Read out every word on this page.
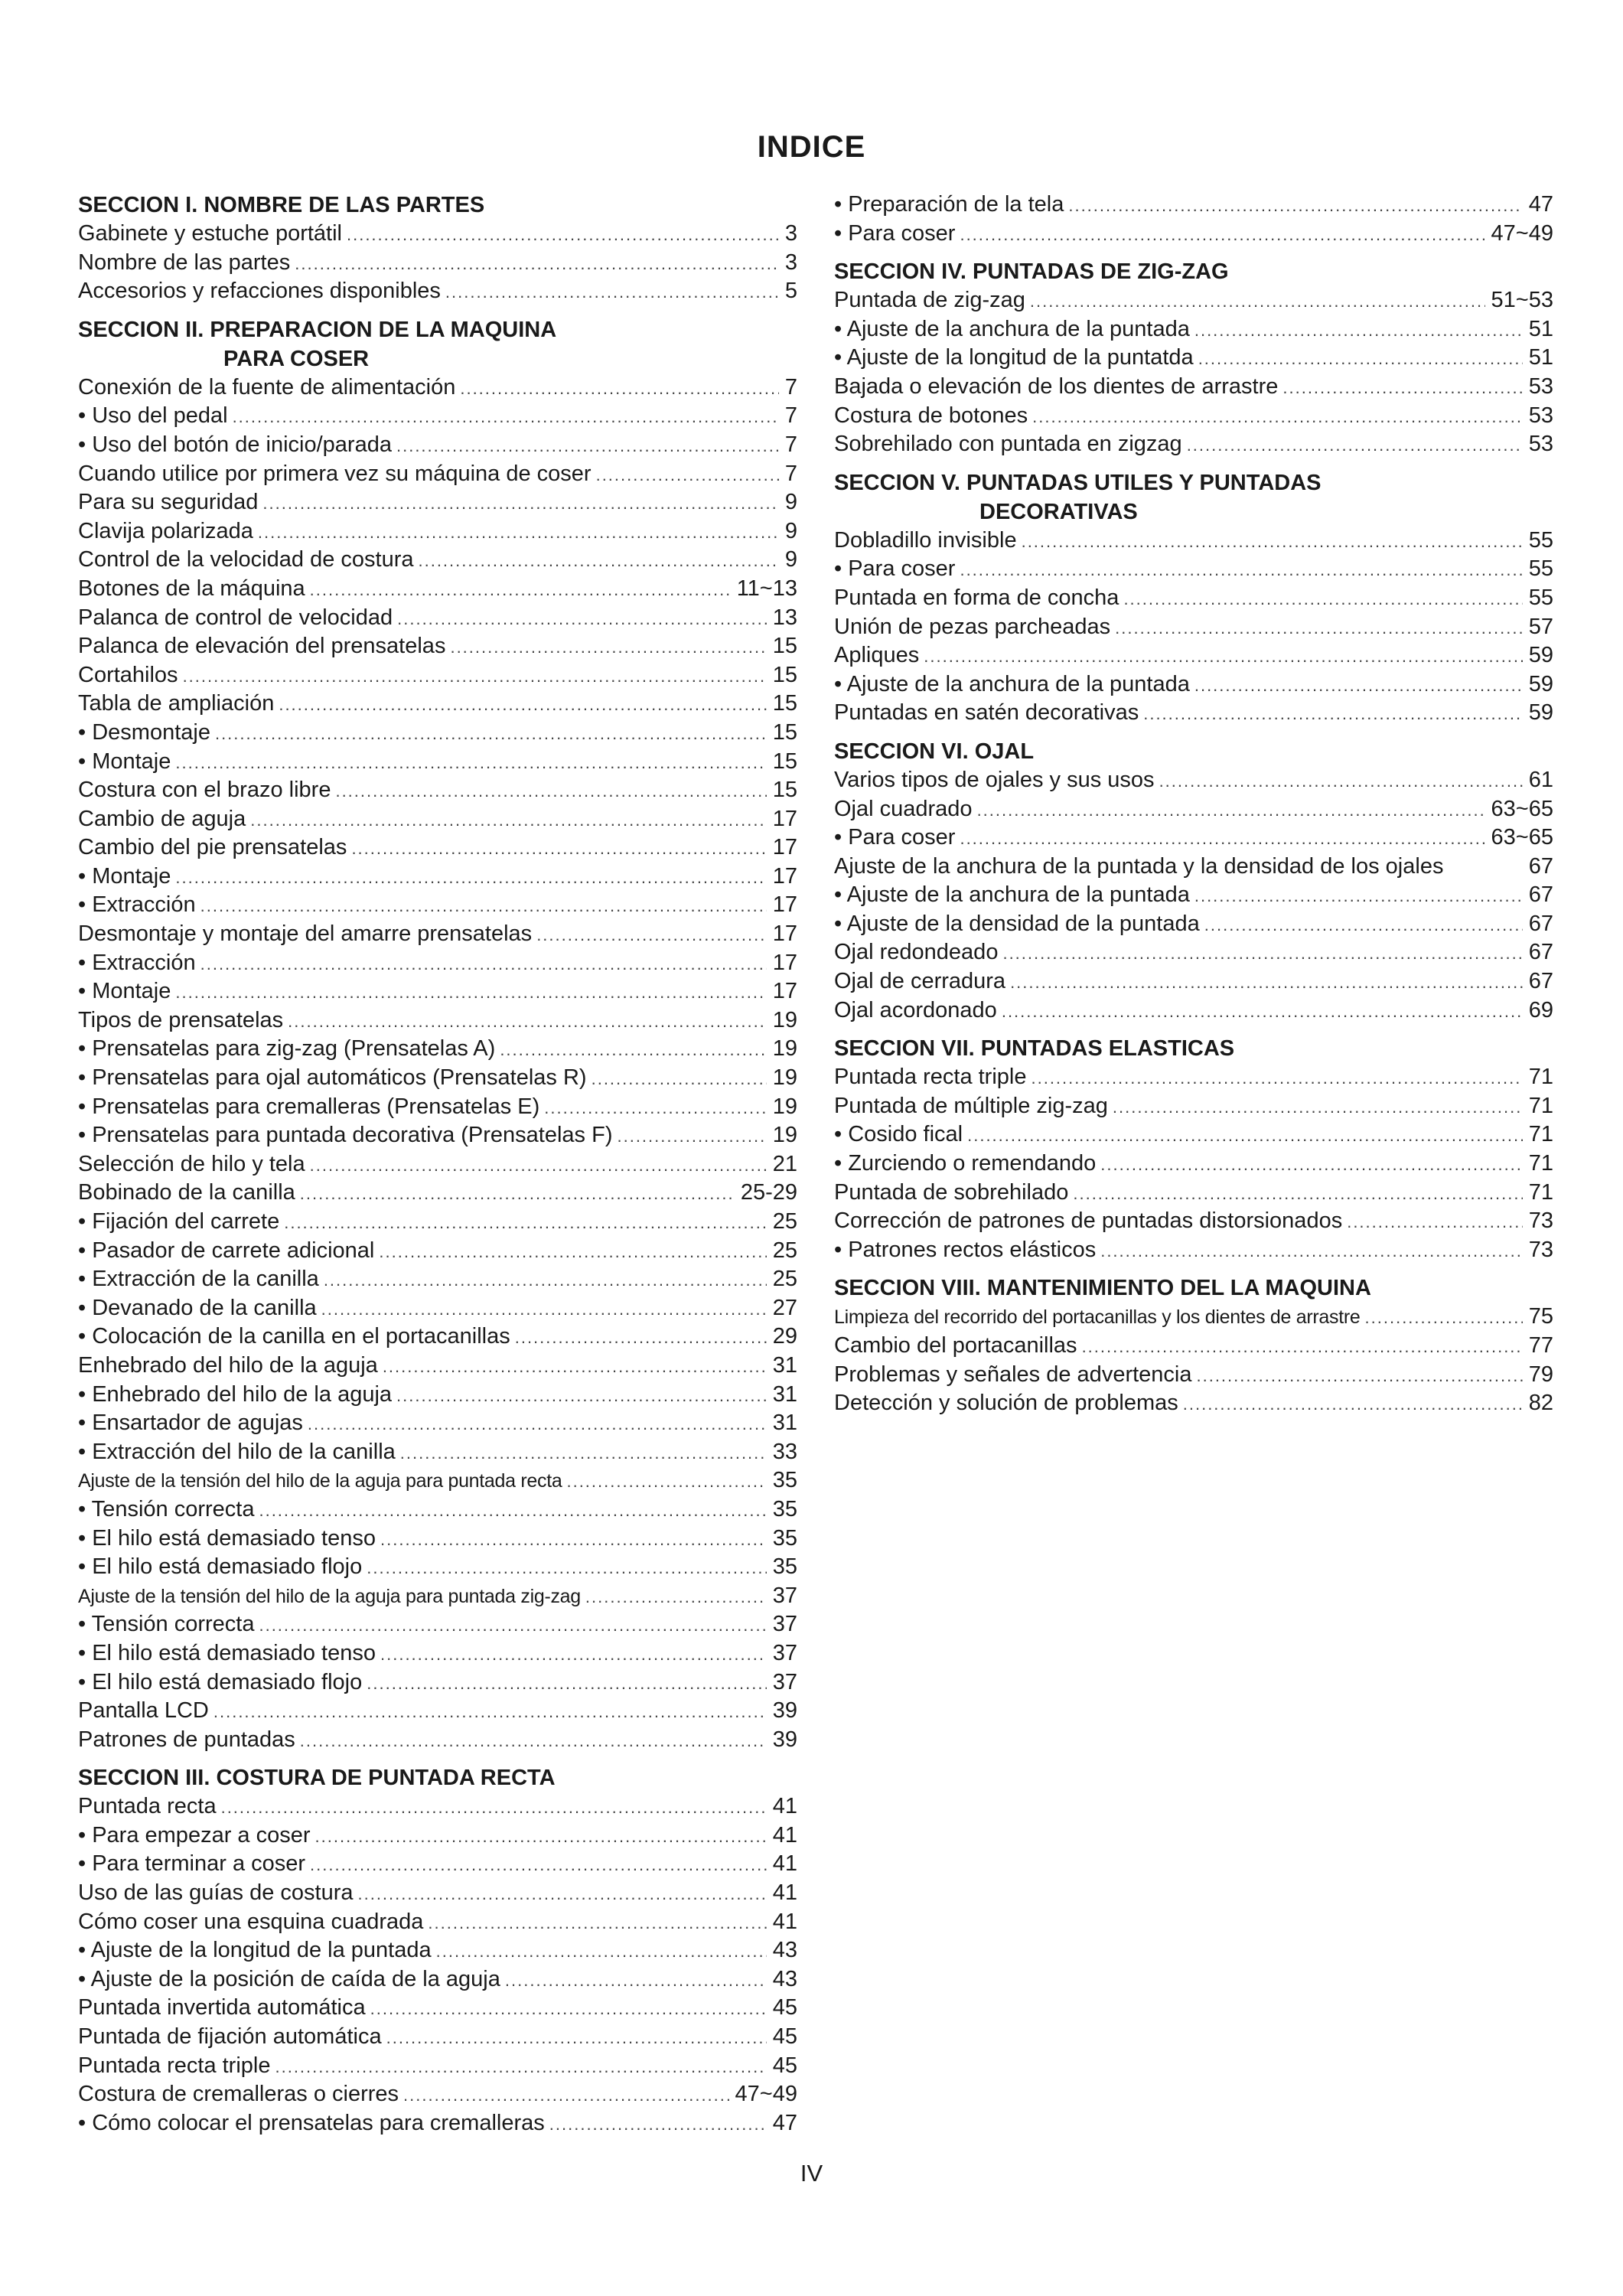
INDICE
SECCION I. NOMBRE DE LAS PARTES
Gabinete y estuche portátil .....	3
Nombre de las partes .....	3
Accesorios y refacciones disponibles .....	5
SECCION II. PREPARACION DE LA MAQUINA
PARA COSER
Conexión de la fuente de alimentación .....	7
• Uso del pedal .....	7
• Uso del botón de inicio/parada .....	7
Cuando utilice por primera vez su máquina de coser .....	7
Para su seguridad .....	9
Clavija polarizada .....	9
Control de la velocidad de costura .....	9
Botones de la máquina .....	11~13
Palanca de control de velocidad .....	13
Palanca de elevación del prensatelas .....	15
Cortahilos .....	15
Tabla de ampliación .....	15
• Desmontaje .....	15
• Montaje .....	15
Costura con el brazo libre .....	15
Cambio de aguja .....	17
Cambio del pie prensatelas .....	17
• Montaje .....	17
• Extracción .....	17
Desmontaje y montaje del amarre prensatelas .....	17
• Extracción .....	17
• Montaje .....	17
Tipos de prensatelas .....	19
• Prensatelas para zig-zag (Prensatelas A) .....	19
• Prensatelas para ojal automáticos (Prensatelas R) .....	19
• Prensatelas para cremalleras (Prensatelas E) .....	19
• Prensatelas para puntada decorativa (Prensatelas F) .....	19
Selección de hilo y tela .....	21
Bobinado de la canilla .....	25-29
• Fijación del carrete .....	25
• Pasador de carrete adicional .....	25
• Extracción de la canilla .....	25
• Devanado de la canilla .....	27
• Colocación de la canilla en el portacanillas .....	29
Enhebrado del hilo de la aguja .....	31
• Enhebrado del hilo de la aguja .....	31
• Ensartador de agujas .....	31
• Extracción del hilo de la canilla .....	33
Ajuste de la tensión del hilo de la aguja para puntada recta .....	35
• Tensión correcta .....	35
• El hilo está demasiado tenso .....	35
• El hilo está demasiado flojo .....	35
Ajuste de la tensión del hilo de la aguja para puntada zig-zag .....	37
• Tensión correcta .....	37
• El hilo está demasiado tenso .....	37
• El hilo está demasiado flojo .....	37
Pantalla LCD .....	39
Patrones de puntadas .....	39
SECCION III. COSTURA DE PUNTADA RECTA
Puntada recta .....	41
• Para empezar a coser .....	41
• Para terminar a coser .....	41
Uso de las guías de costura .....	41
Cómo coser una esquina cuadrada .....	41
• Ajuste de la longitud de la puntada .....	43
• Ajuste de la posición de caída de la aguja .....	43
Puntada invertida automática .....	45
Puntada de fijación automática .....	45
Puntada recta triple .....	45
Costura de cremalleras o cierres .....	47~49
• Cómo colocar el prensatelas para cremalleras .....	47
• Preparación de la tela .....	47
• Para coser .....	47~49
SECCION IV. PUNTADAS DE ZIG-ZAG
Puntada de zig-zag .....	51~53
• Ajuste de la anchura de la puntada .....	51
• Ajuste de la longitud de la puntatda .....	51
Bajada o elevación de los dientes de arrastre .....	53
Costura de botones .....	53
Sobrehilado con puntada en zigzag .....	53
SECCION V. PUNTADAS UTILES Y PUNTADAS
DECORATIVAS
Dobladillo invisible .....	55
• Para coser .....	55
Puntada en forma de concha .....	55
Unión de pezas parcheadas .....	57
Apliques .....	59
• Ajuste de la anchura de la puntada .....	59
Puntadas en satén decorativas .....	59
SECCION VI. OJAL
Varios tipos de ojales y sus usos .....	61
Ojal cuadrado .....	63~65
• Para coser .....	63~65
Ajuste de la anchura de la puntada y la densidad de los ojales	67
• Ajuste de la anchura de la puntada .....	67
• Ajuste de la densidad de la puntada .....	67
Ojal redondeado .....	67
Ojal de cerradura .....	67
Ojal acordonado .....	69
SECCION VII. PUNTADAS ELASTICAS
Puntada recta triple .....	71
Puntada de múltiple zig-zag .....	71
• Cosido fical .....	71
• Zurciendo o remendando .....	71
Puntada de sobrehilado .....	71
Corrección de patrones de puntadas distorsionados .....	73
• Patrones rectos elásticos .....	73
SECCION VIII. MANTENIMIENTO DEL LA MAQUINA
Limpieza del recorrido del portacanillas y los dientes de arrastre .....	75
Cambio del portacanillas .....	77
Problemas y señales de advertencia .....	79
Detección y solución de problemas .....	82
IV
